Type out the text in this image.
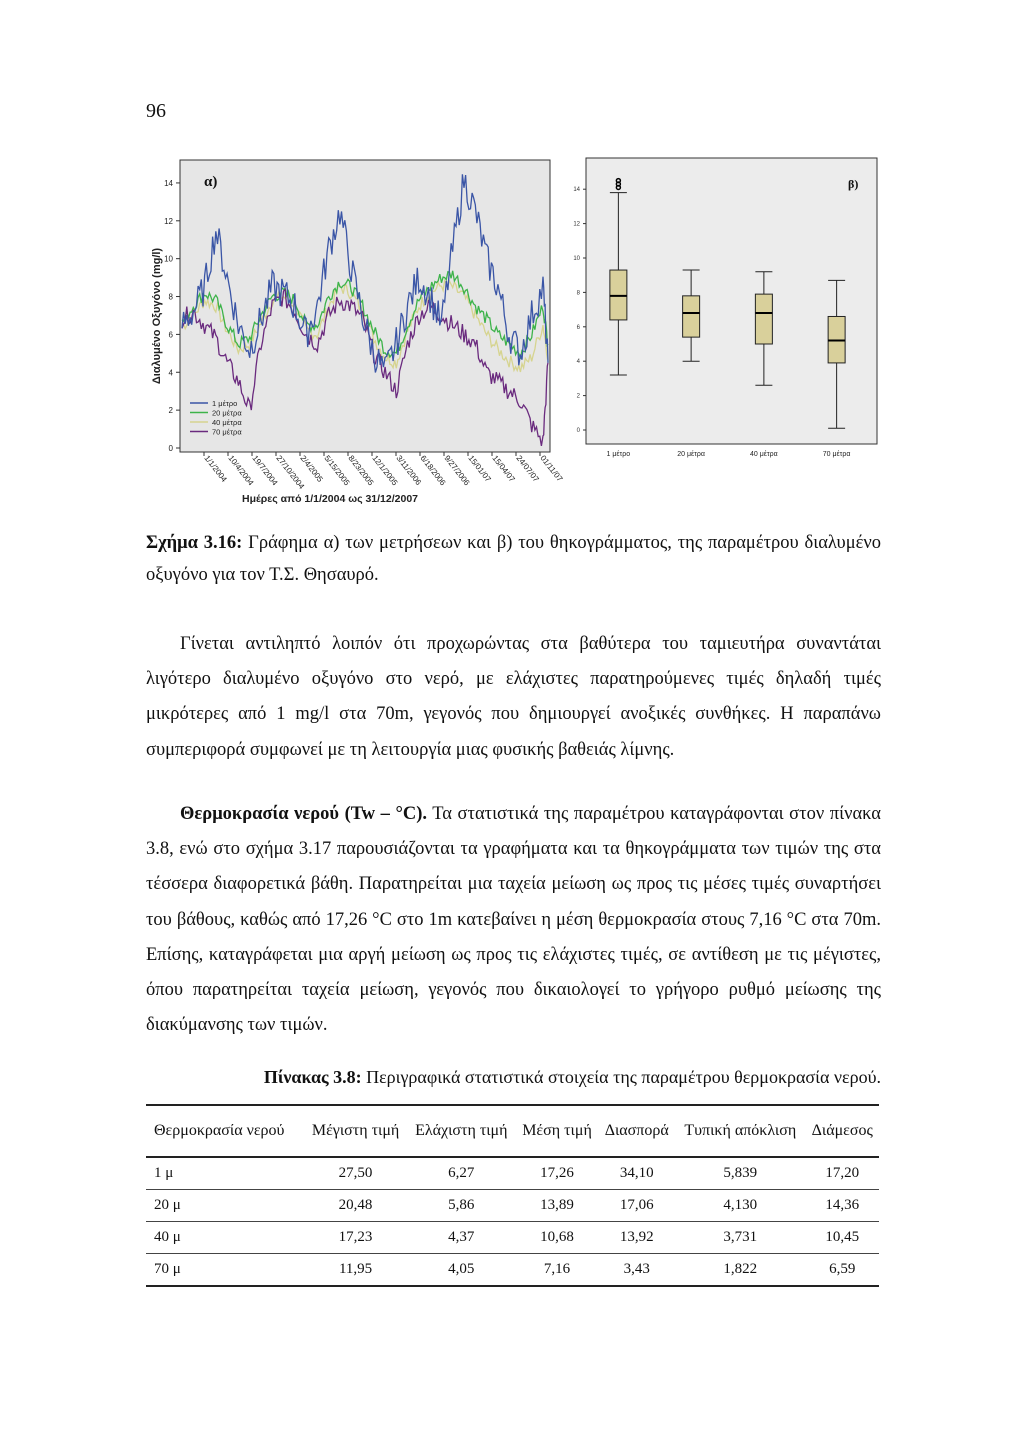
96
0
2
4
6
8
10
12
14
Διαλυμένο Οξυγόνο (mg/l)
α)
1 μέτρο
20 μέτρα
40 μέτρα
70 μέτρα
1/1/2004
10/4/2004
19/7/2004
27/10/2004
2/4/2005
5/15/2005
8/23/2005
12/1/2005
3/11/2006
6/18/2006
9/27/2006
15/01/07
15/04/07
24/07/07
01/11/07
Ημέρες από 1/1/2004 ως 31/12/2007
0
2
4
6
8
10
12
14	β)
1 μέτρο	20 μέτρα	40 μέτρα	70 μέτρα
Σχήμα 3.16: Γράφημα α) των μετρήσεων και β) του θηκογράμματος, της παραμέτρου διαλυμένο οξυγόνο για τον Τ.Σ. Θησαυρό.

Γίνεται αντιληπτό λοιπόν ότι προχωρώντας στα βαθύτερα του ταμιευτήρα συναντάται λιγότερο διαλυμένο οξυγόνο στο νερό, με ελάχιστες παρατηρούμενες τιμές δηλαδή τιμές μικρότερες από 1 mg/l στα 70m, γεγονός που δημιουργεί ανοξικές συνθήκες. Η παραπάνω συμπεριφορά συμφωνεί με τη λειτουργία μιας φυσικής βαθειάς λίμνης.

Θερμοκρασία νερού (Tw – °C). Τα στατιστικά της παραμέτρου καταγράφονται στον πίνακα 3.8, ενώ στο σχήμα 3.17 παρουσιάζονται τα γραφήματα και τα θηκογράμματα των τιμών της στα τέσσερα διαφορετικά βάθη. Παρατηρείται μια ταχεία μείωση ως προς τις μέσες τιμές συναρτήσει του βάθους, καθώς από 17,26 °C στο 1m κατεβαίνει η μέση θερμοκρασία στους 7,16 °C στα 70m. Επίσης, καταγράφεται μια αργή μείωση ως προς τις ελάχιστες τιμές, σε αντίθεση με τις μέγιστες, όπου παρατηρείται ταχεία μείωση, γεγονός που δικαιολογεί το γρήγορο ρυθμό μείωσης της διακύμανσης των τιμών.

Πίνακας 3.8: Περιγραφικά στατιστικά στοιχεία της παραμέτρου θερμοκρασία νερού.
Θερμοκρασία νερού	Μέγιστη τιμή	Ελάχιστη τιμή	Μέση τιμή	Διασπορά	Τυπική απόκλιση	Διάμεσος
1 μ	27,50	6,27	17,26	34,10	5,839	17,20
20 μ	20,48	5,86	13,89	17,06	4,130	14,36
40 μ	17,23	4,37	10,68	13,92	3,731	10,45
70 μ	11,95	4,05	7,16	3,43	1,822	6,59
